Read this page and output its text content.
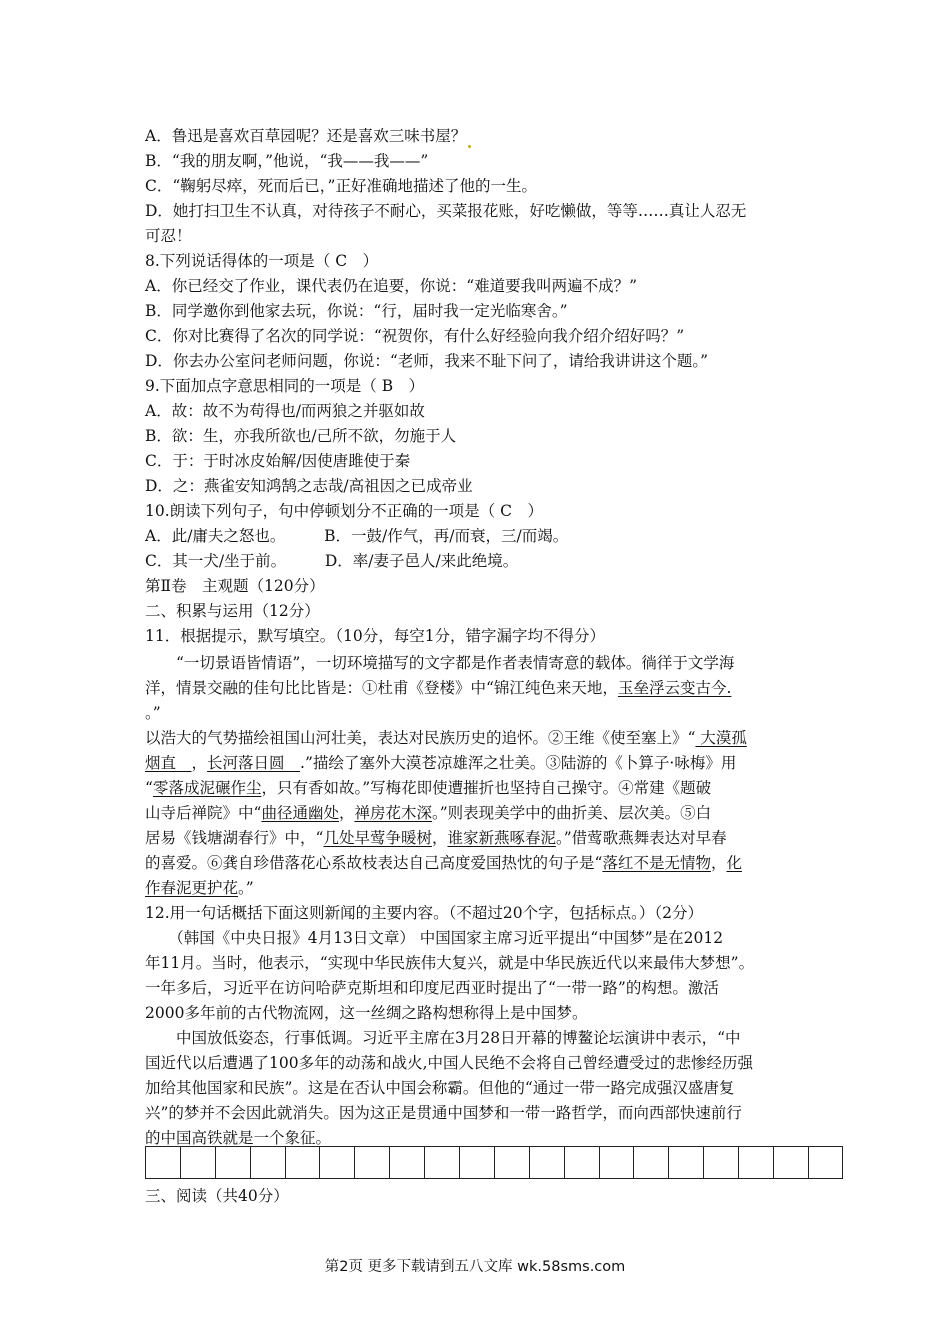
A．鲁迅是喜欢百草园呢？还是喜欢三味书屋？
B．“我的朋友啊，”他说，“我——我——”
C．“鞠躬尽瘁，死而后已，”正好准确地描述了他的一生。
D．她打扫卫生不认真，对待孩子不耐心，买菜报花账，好吃懒做，等等……真让人忍无
可忍！
8.下列说话得体的一项是（ C　）
A．你已经交了作业，课代表仍在追要，你说：“难道要我叫两遍不成？”
B．同学邀你到他家去玩，你说：“行，届时我一定光临寒舍。”
C．你对比赛得了名次的同学说：“祝贺你，有什么好经验向我介绍介绍好吗？”
D．你去办公室问老师问题，你说：“老师，我来不耻下问了，请给我讲讲这个题。”
9.下面加点字意思相同的一项是（ B　）
A．故：故不为苟得也/而两狼之并驱如故
B．欲：生，亦我所欲也/己所不欲，勿施于人
C．于：于时冰皮始解/因使唐雎使于秦
D．之：燕雀安知鸿鹄之志哉/高祖因之已成帝业
10.朗读下列句子，句中停顿划分不正确的一项是（ C　）
A．此/庸夫之怒也。　　　B．一鼓/作气，再/而衰，三/而竭。
C．其一犬/坐于前。　　　D．率/妻子邑人/来此绝境。
第Ⅱ卷　主观题（120分）
二、积累与运用（12分）
11．根据提示，默写填空。（10分，每空1分，错字漏字均不得分）
　　“一切景语皆情语”，一切环境描写的文字都是作者表情寄意的载体。徜徉于文学海
洋，情景交融的佳句比比皆是：①杜甫《登楼》中“锦江纯色来天地，玉垒浮云变古今.
。”
以浩大的气势描绘祖国山河壮美，表达对民族历史的追怀。②王维《使至塞上》“ 大漠孤
烟直　，长河落日圆　.”描绘了塞外大漠苍凉雄浑之壮美。③陆游的《卜算子·咏梅》用
“零落成泥碾作尘，只有香如故。”写梅花即使遭摧折也坚持自己操守。④常建《题破
山寺后禅院》中“曲径通幽处，禅房花木深。”则表现美学中的曲折美、层次美。⑤白
居易《钱塘湖春行》中，“几处早莺争暖树，谁家新燕啄春泥。”借莺歌燕舞表达对早春
的喜爱。⑥龚自珍借落花心系故枝表达自己高度爱国热忱的句子是“落红不是无情物，化
作春泥更护花。”
12.用一句话概括下面这则新闻的主要内容。（不超过20个字，包括标点。）（2分）
　　（韩国《中央日报》4月13日文章） 中国国家主席习近平提出“中国梦”是在2012
年11月。当时，他表示，“实现中华民族伟大复兴，就是中华民族近代以来最伟大梦想”。
一年多后，习近平在访问哈萨克斯坦和印度尼西亚时提出了“一带一路”的构想。激活
2000多年前的古代物流网，这一丝绸之路构想称得上是中国梦。
　　中国放低姿态，行事低调。习近平主席在3月28日开幕的博鳌论坛演讲中表示，“中
国近代以后遭遇了100多年的动荡和战火,中国人民绝不会将自己曾经遭受过的悲惨经历强
加给其他国家和民族”。这是在否认中国会称霸。但他的“通过一带一路完成强汉盛唐复
兴”的梦并不会因此就消失。因为这正是贯通中国梦和一带一路哲学，而向西部快速前行
的中国高铁就是一个象征。
三、阅读（共40分）
第2页 更多下载请到五八文库 wk.58sms.com
